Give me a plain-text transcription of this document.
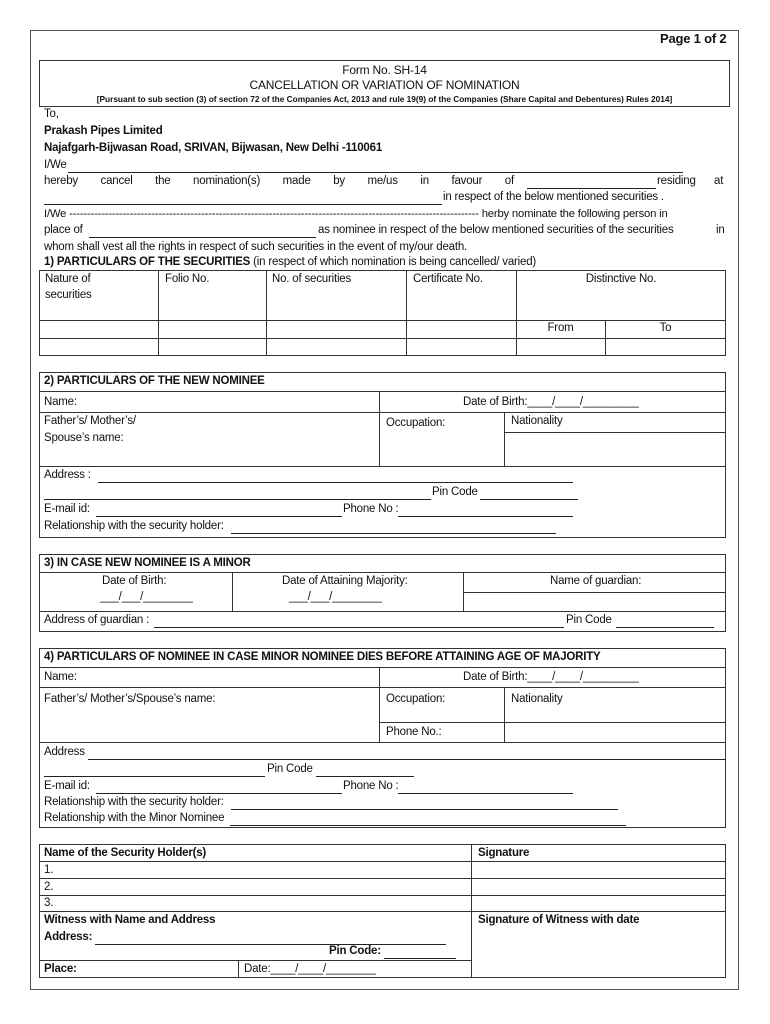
Page 1 of 2
Form No. SH-14
CANCELLATION OR VARIATION OF NOMINATION
[Pursuant to sub section (3) of section 72 of the Companies Act, 2013 and rule 19(9) of the Companies (Share Capital and Debentures) Rules 2014]
To,
Prakash Pipes Limited
Najafgarh-Bijwasan Road, SRIVAN, Bijwasan, New Delhi -110061
I/We
hereby cancel the nomination(s) made by me/us in favour of	residing at
in respect of the below mentioned securities .
I/We ------------------------------------------------------------------------------------------------------------------- herby nominate the following person in
place of	as nominee in respect of the below mentioned securities of the securities	in
whom shall vest all the rights in respect of such securities in the event of my/our death.
1) PARTICULARS OF THE SECURITIES (in respect of which nomination is being cancelled/ varied)
Nature of
securities
Folio No.	No. of securities	Certificate No.	Distinctive No.
From	To
2) PARTICULARS OF THE NEW NOMINEE
Name:	Date of Birth:____/____/_________
Father’s/ Mother’s/
Spouse’s name:
Occupation:	Nationality
Address :
Pin Code
E-mail id:	Phone No :
Relationship with the security holder:
3) IN CASE NEW NOMINEE IS A MINOR
Date of Birth:
___/___/________
Date of Attaining Majority:
___/___/________
Name of guardian:
Address of guardian :	Pin Code
4) PARTICULARS OF NOMINEE IN CASE MINOR NOMINEE DIES BEFORE ATTAINING AGE OF MAJORITY
Name:	Date of Birth:____/____/_________
Father’s/ Mother’s/Spouse’s name:	Occupation:	Nationality
Phone No.:
Address
Pin Code
E-mail id:	Phone No :
Relationship with the security holder:
Relationship with the Minor Nominee
Name of the Security Holder(s)	Signature
1.
2.
3.
Witness with Name and Address	Signature of Witness with date
Address:
Pin Code:
Place:	Date:____/____/________
